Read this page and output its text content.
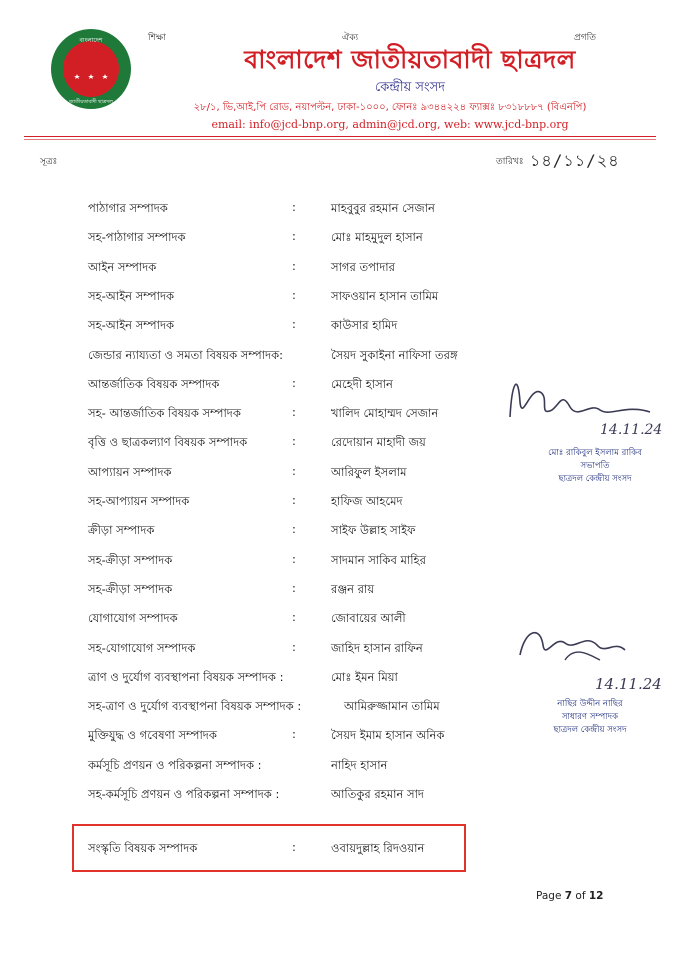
শিক্ষা	ঐক্য	প্রগতি
বাংলাদেশ
জাতীয়তাবাদী ছাত্রদল
বাংলাদেশ জাতীয়তাবাদী ছাত্রদল
কেন্দ্রীয় সংসদ
২৮/১, ভি,আই,পি রোড, নয়াপল্টন, ঢাকা-১০০০, ফোনঃ ৯৩৪৪২২৪ ফ্যাক্সঃ ৮৩১৮৮৮৭ (বিএনপি)
email: info@jcd-bnp.org, admin@jcd.org, web: www.jcd-bnp.org
সূত্রঃ	তারিখঃ ১৪/১১/২৪
পাঠাগার সম্পাদক	:	মাহবুবুর রহমান সেজান
সহ-পাঠাগার সম্পাদক	:	মোঃ মাহমুদুল হাসান
আইন সম্পাদক	:	সাগর তপাদার
সহ-আইন সম্পাদক	:	সাফওয়ান হাসান তামিম
সহ-আইন সম্পাদক	:	কাউসার হামিদ
জেন্ডার ন্যায্যতা ও সমতা বিষয়ক সম্পাদক:	সৈয়দ সুকাইনা নাফিসা তরঙ্গ
আন্তর্জাতিক বিষয়ক সম্পাদক	:	মেহেদী হাসান
সহ- আন্তর্জাতিক বিষয়ক সম্পাদক	:	খালিদ মোহাম্মদ সেজান
বৃত্তি ও ছাত্রকল্যাণ বিষয়ক সম্পাদক	:	রেদোয়ান মাহাদী জয়
আপ্যায়ন সম্পাদক	:	আরিফুল ইসলাম
সহ-আপ্যায়ন সম্পাদক	:	হাফিজ আহমেদ
ক্রীড়া সম্পাদক	:	সাইফ উল্লাহ সাইফ
সহ-ক্রীড়া সম্পাদক	:	সাদমান সাকিব মাহির
সহ-ক্রীড়া সম্পাদক	:	রঞ্জন রায়
যোগাযোগ সম্পাদক	:	জোবায়ের আলী
সহ-যোগাযোগ সম্পাদক	:	জাহিদ হাসান রাফিন
ত্রাণ ও দুর্যোগ ব্যবস্থাপনা বিষয়ক সম্পাদক :	মোঃ ইমন মিয়া
সহ-ত্রাণ ও দুর্যোগ ব্যবস্থাপনা বিষয়ক সম্পাদক :	আমিরুজ্জামান তামিম
মুক্তিযুদ্ধ ও গবেষণা সম্পাদক	:	সৈয়দ ইমাম হাসান অনিক
কর্মসূচি প্রণয়ন ও পরিকল্পনা সম্পাদক :	নাহিদ হাসান
সহ-কর্মসূচি প্রণয়ন ও পরিকল্পনা সম্পাদক :	আতিকুর রহমান সাদ
সংস্কৃতি বিষয়ক সম্পাদক	:	ওবায়দুল্লাহ রিদওয়ান
14.11.24
মোঃ রাকিবুল ইসলাম রাকিব
সভাপতি
ছাত্রদল কেন্দ্রীয় সংসদ
14.11.24
নাছির উদ্দীন নাছির
সাধারণ সম্পাদক
ছাত্রদল কেন্দ্রীয় সংসদ
Page 7 of 12
